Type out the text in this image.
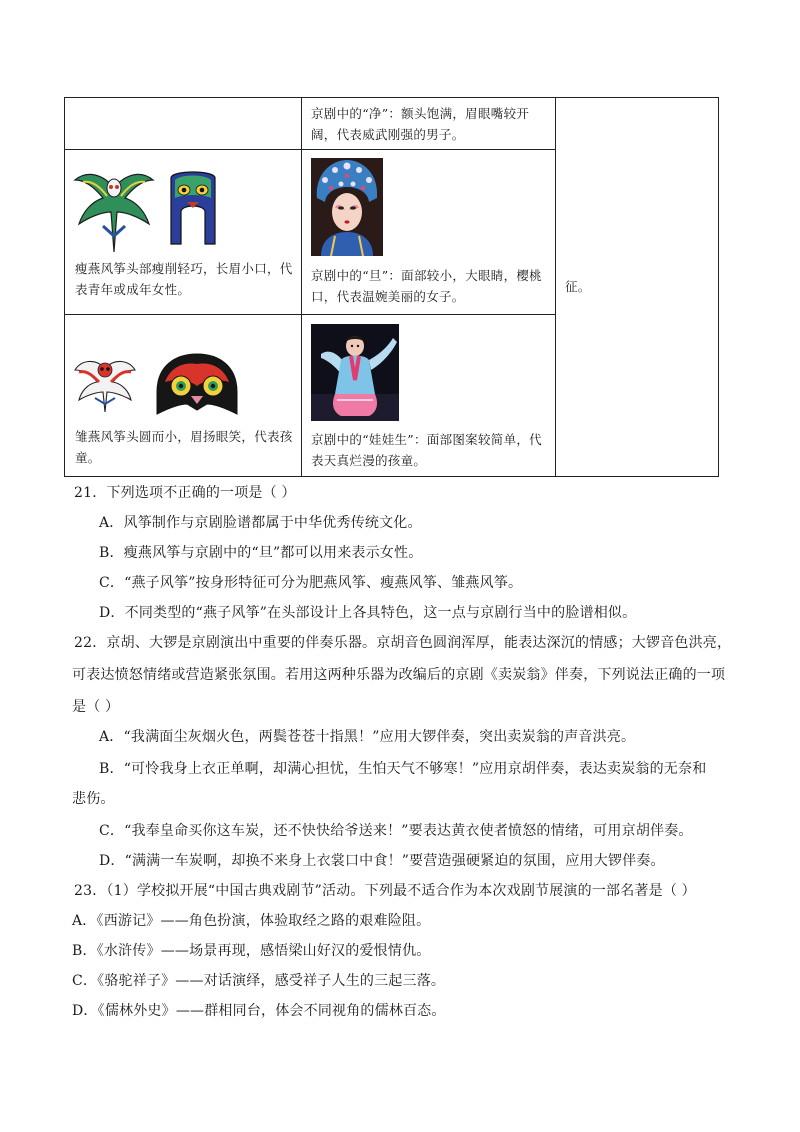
京剧中的“净”：额头饱满，眉眼嘴较开阔，代表威武刚强的男子。
瘦燕风筝头部瘦削轻巧，长眉小口，代表青年或成年女性。
京剧中的“旦”：面部较小，大眼睛，樱桃口，代表温婉美丽的女子。
征。
雏燕风筝头圆而小，眉扬眼笑，代表孩童。
京剧中的“娃娃生”：面部图案较简单，代表天真烂漫的孩童。
21．下列选项不正确的一项是（ ）
A．风筝制作与京剧脸谱都属于中华优秀传统文化。
B．瘦燕风筝与京剧中的“旦”都可以用来表示女性。
C．“燕子风筝”按身形特征可分为肥燕风筝、瘦燕风筝、雏燕风筝。
D．不同类型的“燕子风筝”在头部设计上各具特色，这一点与京剧行当中的脸谱相似。
22．京胡、大锣是京剧演出中重要的伴奏乐器。京胡音色圆润浑厚，能表达深沉的情感；大锣音色洪亮，
可表达愤怒情绪或营造紧张氛围。若用这两种乐器为改编后的京剧《卖炭翁》伴奏，下列说法正确的一项
是（ ）
A．“我满面尘灰烟火色，两鬓苍苍十指黑！”应用大锣伴奏，突出卖炭翁的声音洪亮。
B．“可怜我身上衣正单啊，却满心担忧，生怕天气不够寒！”应用京胡伴奏，表达卖炭翁的无奈和
悲伤。
C．“我奉皇命买你这车炭，还不快快给爷送来！”要表达黄衣使者愤怒的情绪，可用京胡伴奏。
D．“满满一车炭啊，却换不来身上衣裳口中食！”要营造强硬紧迫的氛围，应用大锣伴奏。
23．（1）学校拟开展“中国古典戏剧节”活动。下列最不适合作为本次戏剧节展演的一部名著是（ ）
A．《西游记》——角色扮演，体验取经之路的艰难险阻。
B．《水浒传》——场景再现，感悟梁山好汉的爱恨情仇。
C．《骆驼祥子》——对话演绎，感受祥子人生的三起三落。
D．《儒林外史》——群相同台，体会不同视角的儒林百态。
